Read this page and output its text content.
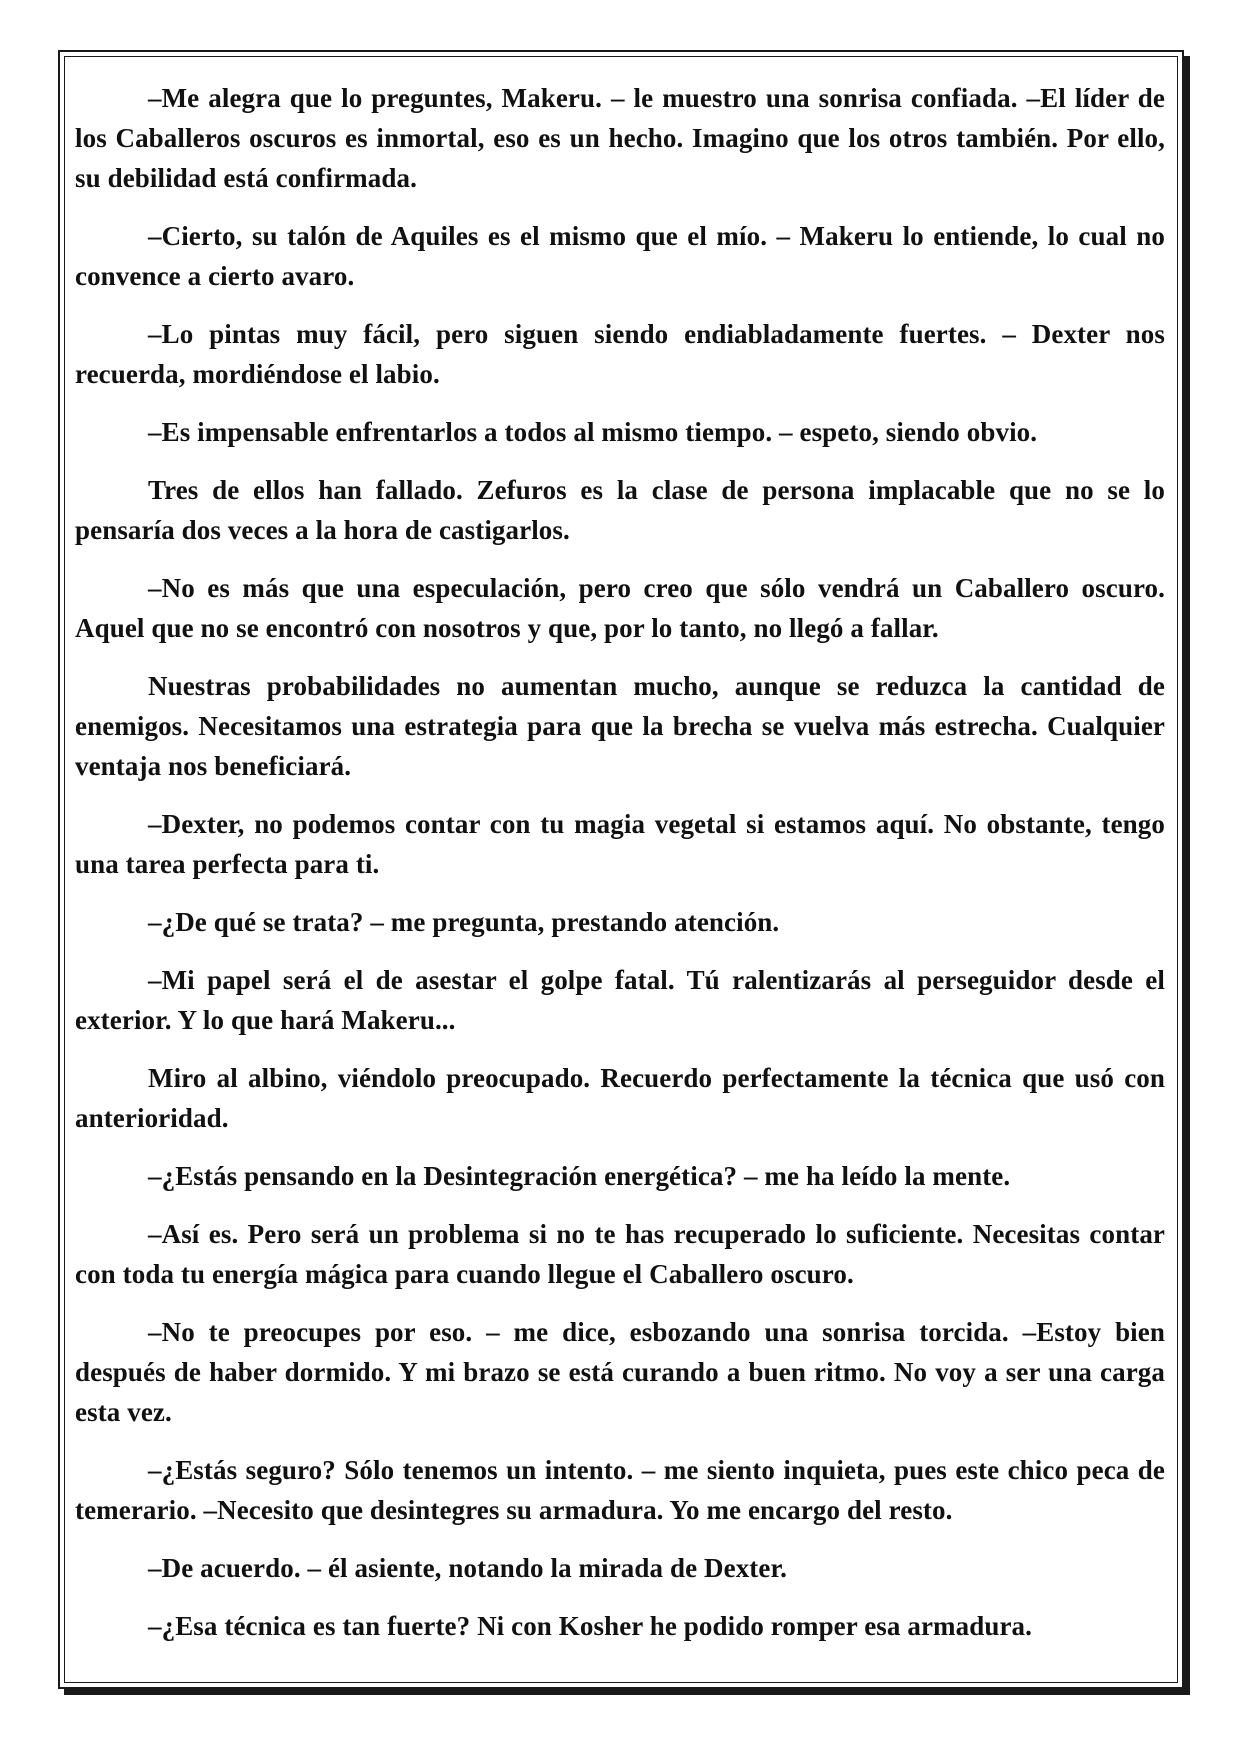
–Me alegra que lo preguntes, Makeru. – le muestro una sonrisa confiada. –El líder de los Caballeros oscuros es inmortal, eso es un hecho. Imagino que los otros también. Por ello, su debilidad está confirmada.

–Cierto, su talón de Aquiles es el mismo que el mío. – Makeru lo entiende, lo cual no convence a cierto avaro.

–Lo pintas muy fácil, pero siguen siendo endiabladamente fuertes. – Dexter nos recuerda, mordiéndose el labio.

–Es impensable enfrentarlos a todos al mismo tiempo. – espeto, siendo obvio.

Tres de ellos han fallado. Zefuros es la clase de persona implacable que no se lo pensaría dos veces a la hora de castigarlos.

–No es más que una especulación, pero creo que sólo vendrá un Caballero oscuro. Aquel que no se encontró con nosotros y que, por lo tanto, no llegó a fallar.

Nuestras probabilidades no aumentan mucho, aunque se reduzca la cantidad de enemigos. Necesitamos una estrategia para que la brecha se vuelva más estrecha. Cualquier ventaja nos beneficiará.

–Dexter, no podemos contar con tu magia vegetal si estamos aquí. No obstante, tengo una tarea perfecta para ti.

–¿De qué se trata? – me pregunta, prestando atención.

–Mi papel será el de asestar el golpe fatal. Tú ralentizarás al perseguidor desde el exterior. Y lo que hará Makeru...

Miro al albino, viéndolo preocupado. Recuerdo perfectamente la técnica que usó con anterioridad.

–¿Estás pensando en la Desintegración energética? – me ha leído la mente.

–Así es. Pero será un problema si no te has recuperado lo suficiente. Necesitas contar con toda tu energía mágica para cuando llegue el Caballero oscuro.

–No te preocupes por eso. – me dice, esbozando una sonrisa torcida. –Estoy bien después de haber dormido. Y mi brazo se está curando a buen ritmo. No voy a ser una carga esta vez.

–¿Estás seguro? Sólo tenemos un intento. – me siento inquieta, pues este chico peca de temerario. –Necesito que desintegres su armadura. Yo me encargo del resto.

–De acuerdo. – él asiente, notando la mirada de Dexter.

–¿Esa técnica es tan fuerte? Ni con Kosher he podido romper esa armadura.
